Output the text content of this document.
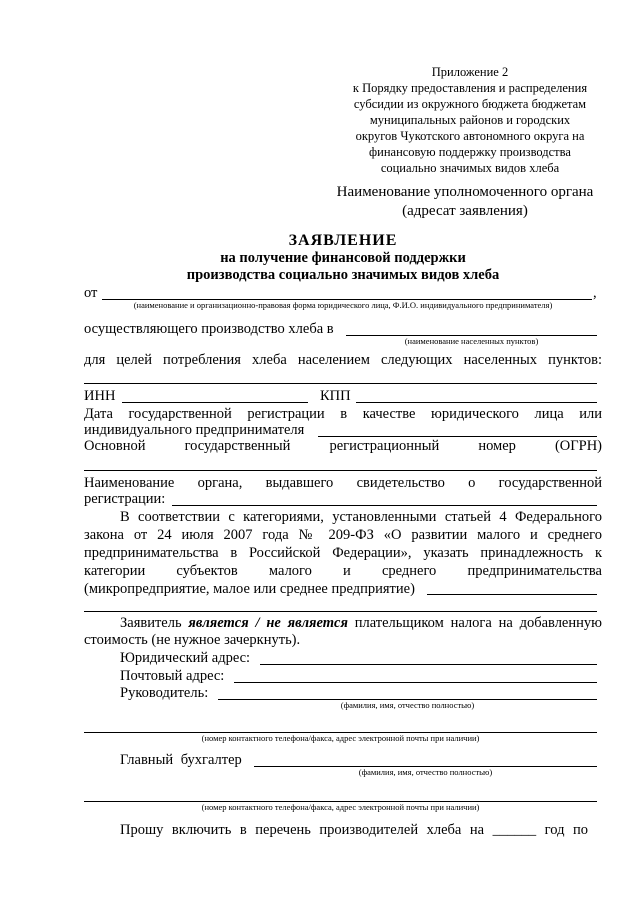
Приложение 2
к Порядку предоставления и распределения
субсидии из окружного бюджета бюджетам
муниципальных районов и городских
округов Чукотского автономного округа на
финансовую поддержку производства
социально значимых видов хлеба
Наименование уполномоченного органа
(адресат заявления)
ЗАЯВЛЕНИЕ
на получение финансовой поддержки
производства социально значимых видов хлеба
от	,
(наименование и организационно-правовая форма юридического лица, Ф.И.О. индивидуального предпринимателя)
осуществляющего производство хлеба в
(наименование населенных пунктов)
для целей потребления хлеба населением следующих населенных пунктов:
ИНН	КПП
Дата государственной регистрации в качестве юридического лица или
индивидуального предпринимателя
Основной государственный регистрационный номер (ОГРН)
Наименование органа, выдавшего свидетельство о государственной
регистрации:
В соответствии с категориями, установленными статьей 4 Федерального
закона от 24 июля 2007 года № 209-ФЗ «О развитии малого и среднего
предпринимательства в Российской Федерации», указать принадлежность к
категории субъектов малого и среднего предпринимательства
(микропредприятие, малое или среднее предприятие)
Заявитель является / не является плательщиком налога на добавленную
стоимость (не нужное зачеркнуть).
Юридический адрес:
Почтовый адрес:
Руководитель:
(фамилия, имя, отчество полностью)
(номер контактного телефона/факса, адрес электронной почты при наличии)
Главный бухгалтер
(фамилия, имя, отчество полностью)
(номер контактного телефона/факса, адрес электронной почты при наличии)
Прошу включить в перечень производителей хлеба на ______ год по
